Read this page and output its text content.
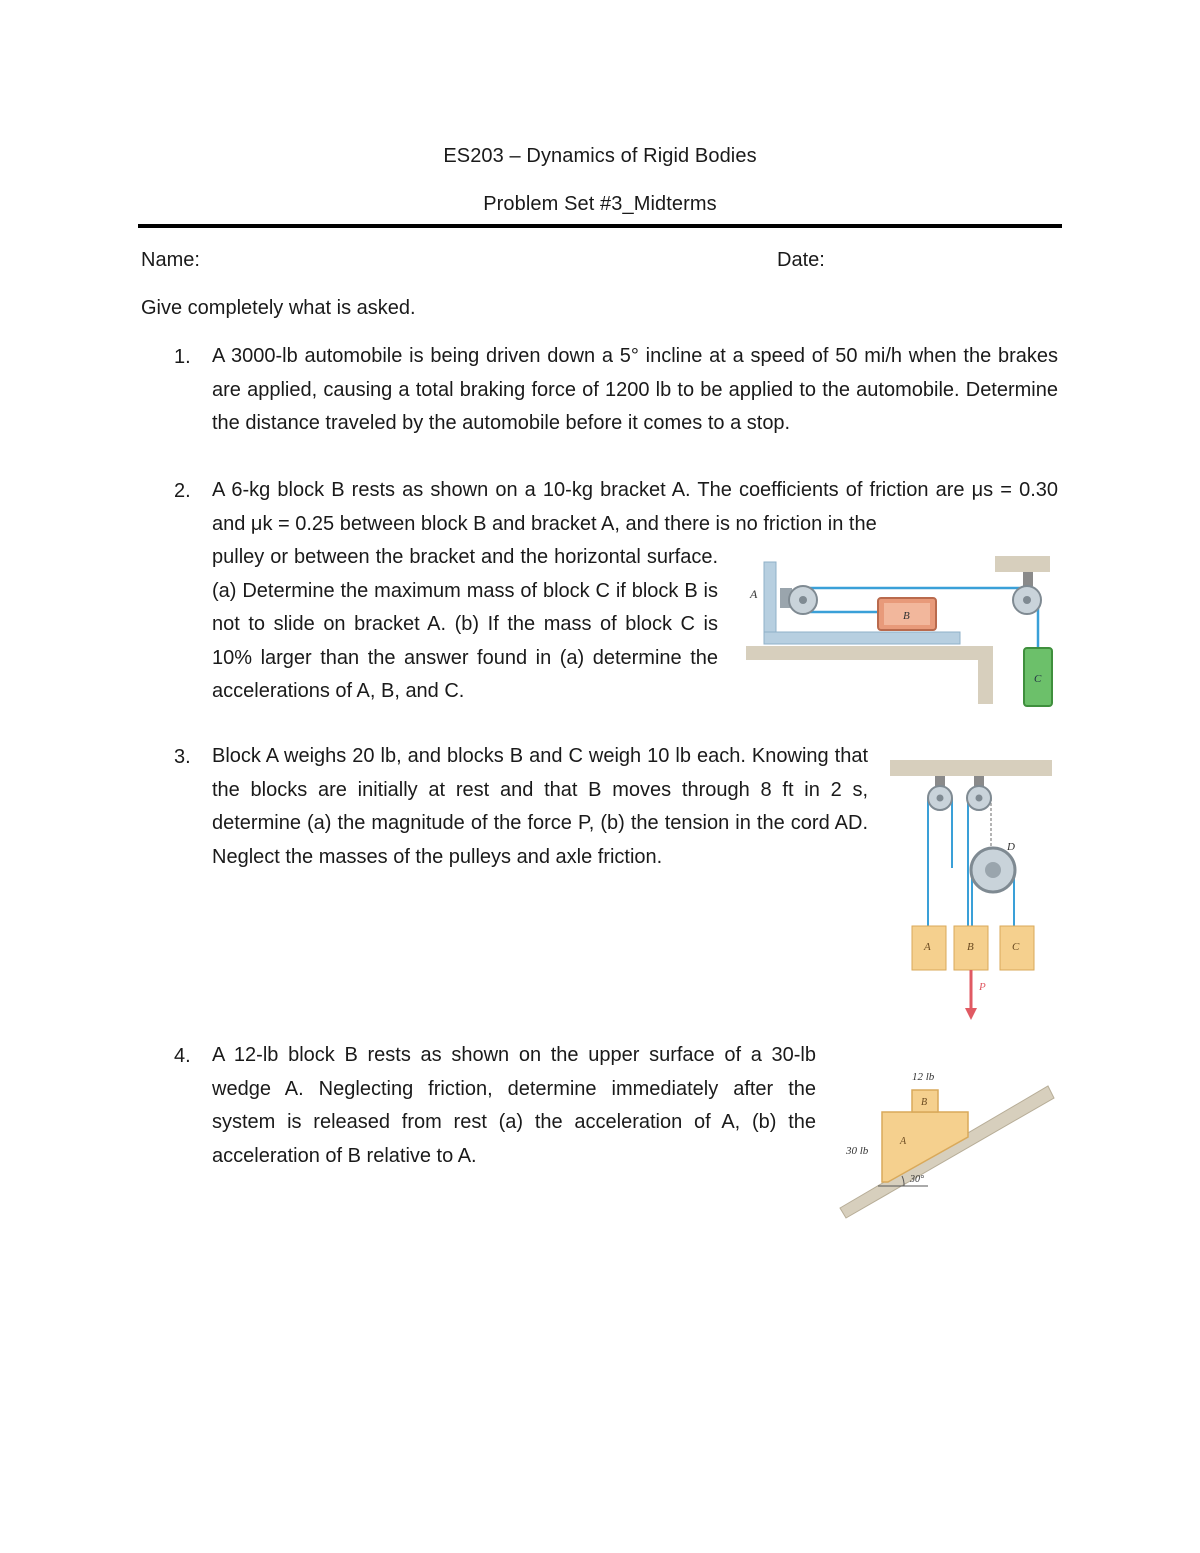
ES203 – Dynamics of Rigid Bodies
Problem Set #3_Midterms
Name:	Date:
Give completely what is asked.
1. A 3000-lb automobile is being driven down a 5° incline at a speed of 50 mi/h when the brakes are applied, causing a total braking force of 1200 lb to be applied to the automobile. Determine the distance traveled by the automobile before it comes to a stop.
2. A 6-kg block B rests as shown on a 10-kg bracket A. The coefficients of friction are μs = 0.30 and μk = 0.25 between block B and bracket A, and there is no friction in the
pulley or between the bracket and the horizontal surface. (a) Determine the maximum mass of block C if block B is not to slide on bracket A. (b) If the mass of block C is 10% larger than the answer found in (a) determine the accelerations of A, B, and C.
A
B
C
3. Block A weighs 20 lb, and blocks B and C weigh 10 lb each. Knowing that the blocks are initially at rest and that B moves through 8 ft in 2 s, determine (a) the magnitude of the force P, (b) the tension in the cord AD. Neglect the masses of the pulleys and axle friction.	D
A	B	C
P
4. A 12-lb block B rests as shown on the upper surface of a 30-lb wedge A. Neglecting friction, determine immediately after the system is released from rest (a) the acceleration of A, (b) the acceleration of B relative to A.
12 lb
B
A
30 lb
30°
